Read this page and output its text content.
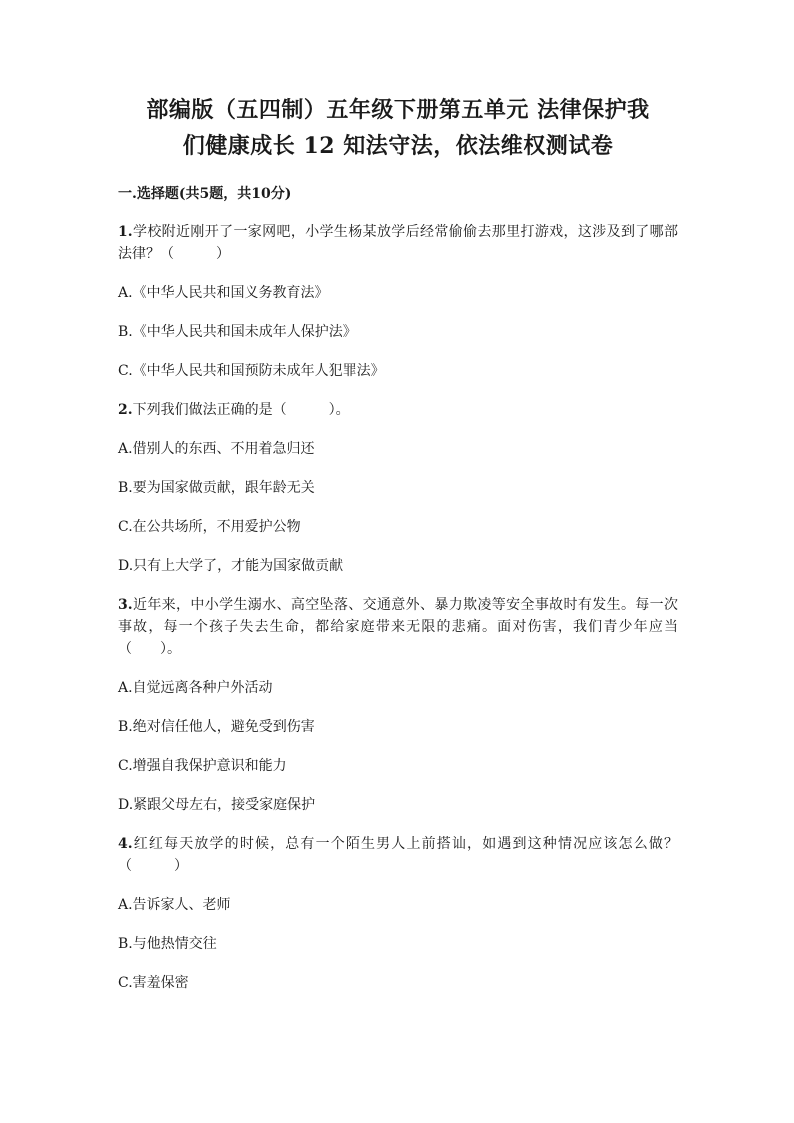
部编版（五四制）五年级下册第五单元 法律保护我
们健康成长 12 知法守法，依法维权测试卷
一.选择题(共5题，共10分)
1.学校附近刚开了一家网吧，小学生杨某放学后经常偷偷去那里打游戏，这涉及到了哪部法律？（　　　）
A.《中华人民共和国义务教育法》
B.《中华人民共和国未成年人保护法》
C.《中华人民共和国预防未成年人犯罪法》
2.下列我们做法正确的是（　　　）。
A.借别人的东西、不用着急归还
B.要为国家做贡献，跟年龄无关
C.在公共场所，不用爱护公物
D.只有上大学了，才能为国家做贡献
3.近年来，中小学生溺水、高空坠落、交通意外、暴力欺凌等安全事故时有发生。每一次事故，每一个孩子失去生命，都给家庭带来无限的悲痛。面对伤害，我们青少年应当（　　）。
A.自觉远离各种户外活动
B.绝对信任他人，避免受到伤害
C.增强自我保护意识和能力
D.紧跟父母左右，接受家庭保护
4.红红每天放学的时候，总有一个陌生男人上前搭讪，如遇到这种情况应该怎么做？（　　　）
A.告诉家人、老师
B.与他热情交往
C.害羞保密
